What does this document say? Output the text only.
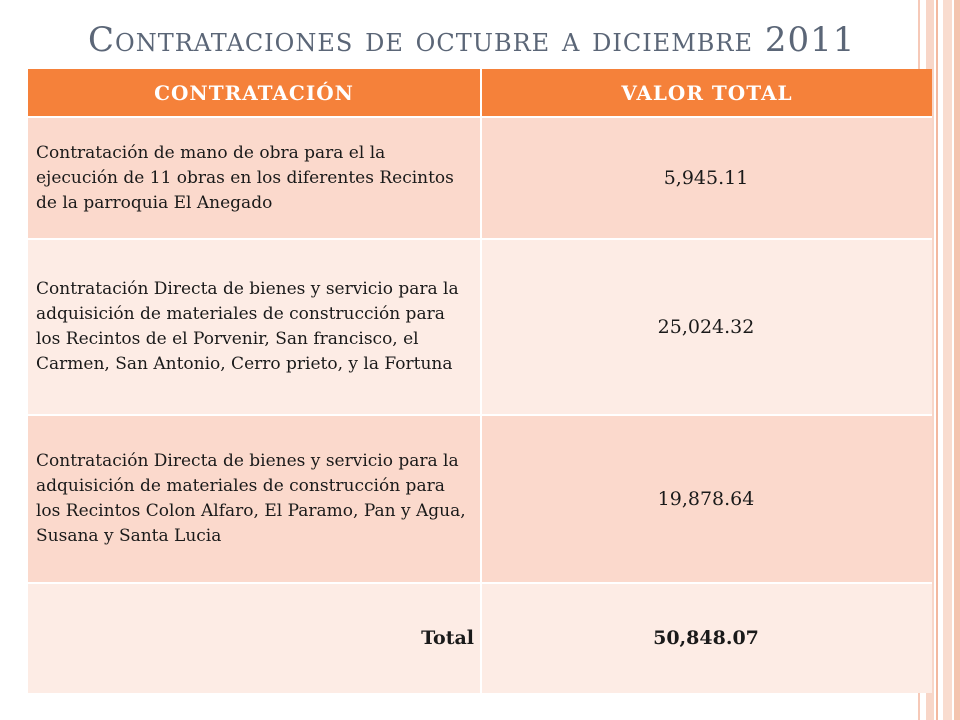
Contrataciones de octubre a diciembre 2011
CONTRATACIÓN	VALOR TOTAL
Contratación de mano de obra para el la ejecución de 11 obras en los diferentes Recintos de la parroquia El Anegado	5,945.11
Contratación Directa de bienes y servicio para la adquisición de materiales de construcción para los Recintos de el Porvenir, San francisco, el Carmen, San Antonio, Cerro prieto, y la Fortuna	25,024.32
Contratación Directa de bienes y servicio para la adquisición de materiales de construcción para los Recintos Colon Alfaro, El Paramo, Pan y Agua, Susana y Santa Lucia	19,878.64
Total	50,848.07
